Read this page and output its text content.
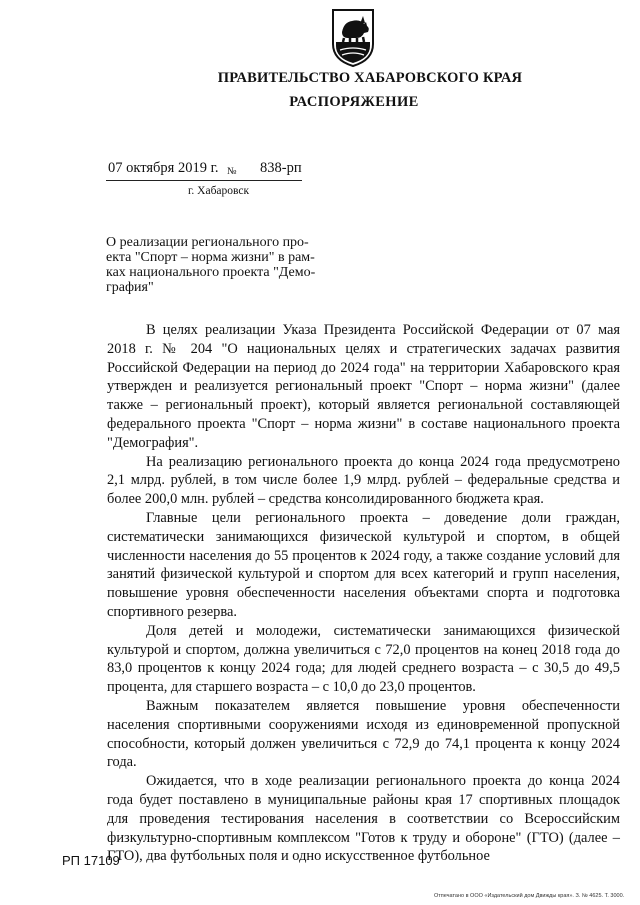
ПРАВИТЕЛЬСТВО ХАБАРОВСКОГО КРАЯ
РАСПОРЯЖЕНИЕ
07 октября 2019 г. № 838-рп
г. Хабаровск
О реализации регионального про-
екта "Спорт – норма жизни" в рам-
ках национального проекта "Демо-
графия"

В целях реализации Указа Президента Российской Федерации от 07 мая 2018 г. № 204 "О национальных целях и стратегических задачах развития Российской Федерации на период до 2024 года" на территории Хабаровского края утвержден и реализуется региональный проект "Спорт – норма жизни" (далее также – региональный проект), который является региональной составляющей федерального проекта "Спорт – норма жизни" в составе национального проекта "Демография".

На реализацию регионального проекта до конца 2024 года предусмотрено 2,1 млрд. рублей, в том числе более 1,9 млрд. рублей – федеральные средства и более 200,0 млн. рублей – средства консолидированного бюджета края.

Главные цели регионального проекта – доведение доли граждан, систематически занимающихся физической культурой и спортом, в общей численности населения до 55 процентов к 2024 году, а также создание условий для занятий физической культурой и спортом для всех категорий и групп населения, повышение уровня обеспеченности населения объектами спорта и подготовка спортивного резерва.

Доля детей и молодежи, систематически занимающихся физической культурой и спортом, должна увеличиться с 72,0 процентов на конец 2018 года до 83,0 процентов к концу 2024 года; для людей среднего возраста – с 30,5 до 49,5 процента, для старшего возраста – с 10,0 до 23,0 процентов.

Важным показателем является повышение уровня обеспеченности населения спортивными сооружениями исходя из единовременной пропускной способности, который должен увеличиться с 72,9 до 74,1 процента к концу 2024 года.

Ожидается, что в ходе реализации регионального проекта до конца 2024 года будет поставлено в муниципальные районы края 17 спортивных площадок для проведения тестирования населения в соответствии со Всероссийским физкультурно-спортивным комплексом "Готов к труду и обороне" (ГТО) (далее – ГТО), два футбольных поля и одно искусственное футбольное

РП 17109
Отпечатано в ООО «Издательский дом Движды края». З. № 4625. Т. 3000.
